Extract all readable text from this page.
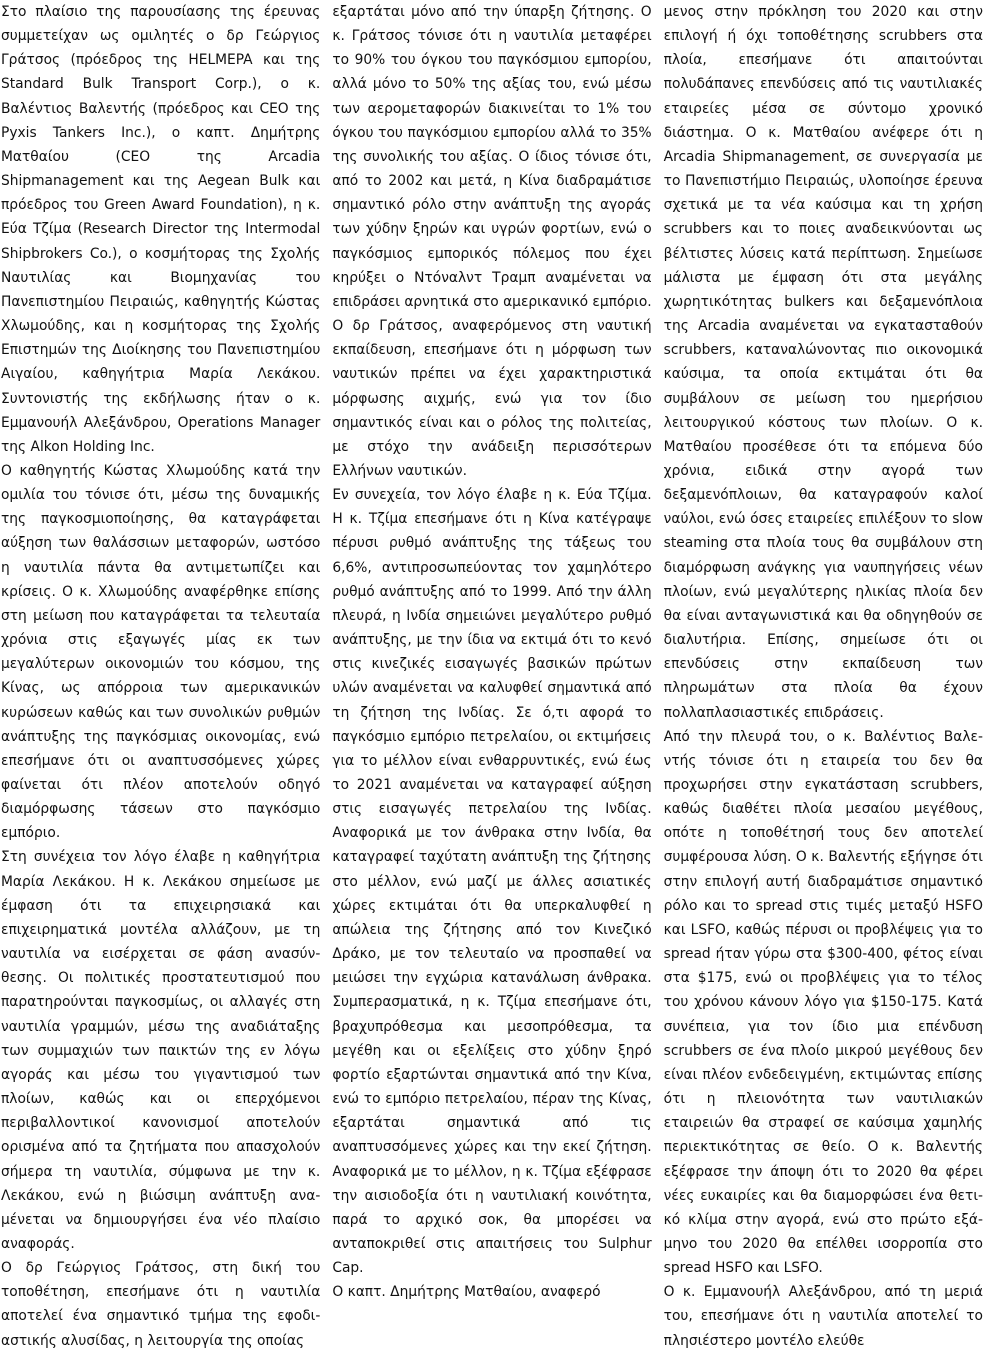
Στο πλαίσιο της παρουσίασης της έρευνας συμμετείχαν ως ομιλητές ο δρ Γεώργιος Γράτσος (πρόεδρος της HELMEPA και της Standard Bulk Transport Corp.), ο κ. Βαλέντιος Βαλεντής (πρόεδρος και CEO της Pyxis Tankers Inc.), ο καπτ. Δημήτρης Ματθαίου (CEO της Arcadia Shipmanagement και της Aegean Bulk και πρόεδρος του Green Award Foundation), η κ. Εύα Τζίμα (Research Director της Intermodal Shipbrokers Co.), ο κοσμήτορας της Σχολής Ναυτιλίας και Βιομηχανίας του Πανεπιστημίου Πειραιώς, καθηγητής Κώστας Χλωμούδης, και η κοσμήτορας της Σχολής Επιστημών της Διοίκησης του Πανεπιστημίου Αιγαίου, καθηγήτρια Μαρία Λεκάκου. Συντονιστής της εκδήλωσης ήταν ο κ. Εμμανουήλ Αλεξάνδρου, Operations Manager της Alkon Holding Inc.

Ο καθηγητής Κώστας Χλωμούδης κατά την ομιλία του τόνισε ότι, μέσω της δυναμικής της παγκοσμιοποίησης, θα καταγράφεται αύξηση των θαλάσσιων μεταφορών, ωστόσο η ναυτιλία πάντα θα αντιμετωπίζει και κρίσεις. Ο κ. Χλωμούδης αναφέρθηκε επίσης στη μείωση που καταγράφεται τα τελευταία χρόνια στις εξαγωγές μίας εκ των μεγαλύτερων οικονομιών του κόσμου, της Κίνας, ως απόρροια των αμερικανικών κυρώσεων καθώς και των συνολικών ρυθμών ανάπτυξης της παγκόσμιας οικονομίας, ενώ επεσήμανε ότι οι αναπτυσσόμενες χώρες φαίνεται ότι πλέον αποτελούν οδηγό διαμόρφωσης τάσεων στο παγκόσμιο εμπόριο.

Στη συνέχεια τον λόγο έλαβε η καθηγήτρια Μαρία Λεκάκου. Η κ. Λεκάκου σημείωσε με έμφαση ότι τα επιχειρησιακά και επιχειρηματικά μοντέλα αλλάζουν, με τη ναυτιλία να εισέρχεται σε φάση ανασύνθεσης. Οι πολιτικές προστατευτισμού που παρατηρούνται παγκοσμίως, οι αλλαγές στη ναυτιλία γραμμών, μέσω της αναδιάταξης των συμμαχιών των παικτών της εν λόγω αγοράς και μέσω του γιγαντισμού των πλοίων, καθώς και οι επερχόμενοι περιβαλλοντικοί κανονισμοί αποτελούν ορισμένα από τα ζητήματα που απασχολούν σήμερα τη ναυτιλία, σύμφωνα με την κ. Λεκάκου, ενώ η βιώσιμη ανάπτυξη αναμένεται να δημιουργήσει ένα νέο πλαίσιο αναφοράς.

Ο δρ Γεώργιος Γράτσος, στη δική του τοποθέτηση, επεσήμανε ότι η ναυτιλία αποτελεί ένα σημαντικό τμήμα της εφοδιαστικής αλυσίδας, η λειτουργία της οποίας

εξαρτάται μόνο από την ύπαρξη ζήτησης. Ο κ. Γράτσος τόνισε ότι η ναυτιλία μεταφέρει το 90% του όγκου του παγκόσμιου εμπορίου, αλλά μόνο το 50% της αξίας του, ενώ μέσω των αερομεταφορών διακινείται το 1% του όγκου του παγκόσμιου εμπορίου αλλά το 35% της συνολικής του αξίας. Ο ίδιος τόνισε ότι, από το 2002 και μετά, η Κίνα διαδραμάτισε σημαντικό ρόλο στην ανάπτυξη της αγοράς των χύδην ξηρών και υγρών φορτίων, ενώ ο παγκόσμιος εμπορικός πόλεμος που έχει κηρύξει ο Ντόναλντ Τραμπ αναμένεται να επιδράσει αρνητικά στο αμερικανικό εμπόριο. Ο δρ Γράτσος, αναφερόμενος στη ναυτική εκπαίδευση, επεσήμανε ότι η μόρφωση των ναυτικών πρέπει να έχει χαρακτηριστικά μόρφωσης αιχμής, ενώ για τον ίδιο σημαντικός είναι και ο ρόλος της πολιτείας, με στόχο την ανάδειξη περισσότερων Ελλήνων ναυτικών.

Εν συνεχεία, τον λόγο έλαβε η κ. Εύα Τζίμα. Η κ. Τζίμα επεσήμανε ότι η Κίνα κατέγραψε πέρυσι ρυθμό ανάπτυξης της τάξεως του 6,6%, αντιπροσωπεύοντας τον χαμηλότερο ρυθμό ανάπτυξης από το 1999. Από την άλλη πλευρά, η Ινδία σημειώνει μεγαλύτερο ρυθμό ανάπτυξης, με την ίδια να εκτιμά ότι το κενό στις κινεζικές εισαγωγές βασικών πρώτων υλών αναμένεται να καλυφθεί σημαντικά από τη ζήτηση της Ινδίας. Σε ό,τι αφορά το παγκόσμιο εμπόριο πετρελαίου, οι εκτιμήσεις για το μέλλον είναι ενθαρρυντικές, ενώ έως το 2021 αναμένεται να καταγραφεί αύξηση στις εισαγωγές πετρελαίου της Ινδίας. Αναφορικά με τον άνθρακα στην Ινδία, θα καταγραφεί ταχύτατη ανάπτυξη της ζήτησης στο μέλλον, ενώ μαζί με άλλες ασιατικές χώρες εκτιμάται ότι θα υπερκαλυφθεί η απώλεια της ζήτησης από τον Κινεζικό Δράκο, με τον τελευταίο να προσπαθεί να μειώσει την εγχώρια κατανάλωση άνθρακα. Συμπερασματικά, η κ. Τζίμα επεσήμανε ότι, βραχυπρόθεσμα και μεσοπρόθεσμα, τα μεγέθη και οι εξελίξεις στο χύδην ξηρό φορτίο εξαρτώνται σημαντικά από την Κίνα, ενώ το εμπόριο πετρελαίου, πέραν της Κίνας, εξαρτάται σημαντικά από τις αναπτυσσόμενες χώρες και την εκεί ζήτηση. Αναφορικά με το μέλλον, η κ. Τζίμα εξέφρασε την αισιοδοξία ότι η ναυτιλιακή κοινότητα, παρά το αρχικό σοκ, θα μπορέσει να ανταποκριθεί στις απαιτήσεις του Sulphur Cap.

Ο καπτ. Δημήτρης Ματθαίου, αναφερό

μενος στην πρόκληση του 2020 και στην επιλογή ή όχι τοποθέτησης scrubbers στα πλοία, επεσήμανε ότι απαιτούνται πολυδάπανες επενδύσεις από τις ναυτιλιακές εταιρείες μέσα σε σύντομο χρονικό διάστημα. Ο κ. Ματθαίου ανέφερε ότι η Arcadia Shipmanagement, σε συνεργασία με το Πανεπιστήμιο Πειραιώς, υλοποίησε έρευνα σχετικά με τα νέα καύσιμα και τη χρήση scrubbers και το ποιες αναδεικνύονται ως βέλτιστες λύσεις κατά περίπτωση. Σημείωσε μάλιστα με έμφαση ότι στα μεγάλης χωρητικότητας bulkers και δεξαμενόπλοια της Arcadia αναμένεται να εγκατασταθούν scrubbers, καταναλώνοντας πιο οικονομικά καύσιμα, τα οποία εκτιμάται ότι θα συμβάλουν σε μείωση του ημερήσιου λειτουργικού κόστους των πλοίων. Ο κ. Ματθαίου προσέθεσε ότι τα επόμενα δύο χρόνια, ειδικά στην αγορά των δεξαμενόπλοιων, θα καταγραφούν καλοί ναύλοι, ενώ όσες εταιρείες επιλέξουν το slow steaming στα πλοία τους θα συμβάλουν στη διαμόρφωση ανάγκης για ναυπηγήσεις νέων πλοίων, ενώ μεγαλύτερης ηλικίας πλοία δεν θα είναι ανταγωνιστικά και θα οδηγηθούν σε διαλυτήρια. Επίσης, σημείωσε ότι οι επενδύσεις στην εκπαίδευση των πληρωμάτων στα πλοία θα έχουν πολλαπλασιαστικές επιδράσεις.

Από την πλευρά του, ο κ. Βαλέντιος Βαλεντής τόνισε ότι η εταιρεία του δεν θα προχωρήσει στην εγκατάσταση scrubbers, καθώς διαθέτει πλοία μεσαίου μεγέθους, οπότε η τοποθέτησή τους δεν αποτελεί συμφέρουσα λύση. Ο κ. Βαλεντής εξήγησε ότι στην επιλογή αυτή διαδραμάτισε σημαντικό ρόλο και το spread στις τιμές μεταξύ HSFO και LSFO, καθώς πέρυσι οι προβλέψεις για το spread ήταν γύρω στα $300-400, φέτος είναι στα $175, ενώ οι προβλέψεις για το τέλος του χρόνου κάνουν λόγο για $150-175. Κατά συνέπεια, για τον ίδιο μια επένδυση scrubbers σε ένα πλοίο μικρού μεγέθους δεν είναι πλέον ενδεδειγμένη, εκτιμώντας επίσης ότι η πλειονότητα των ναυτιλιακών εταιρειών θα στραφεί σε καύσιμα χαμηλής περιεκτικότητας σε θείο. Ο κ. Βαλεντής εξέφρασε την άποψη ότι το 2020 θα φέρει νέες ευκαιρίες και θα διαμορφώσει ένα θετικό κλίμα στην αγορά, ενώ στο πρώτο εξάμηνο του 2020 θα επέλθει ισορροπία στο spread HSFO και LSFO.

Ο κ. Εμμανουήλ Αλεξάνδρου, από τη μεριά του, επεσήμανε ότι η ναυτιλία αποτελεί το πλησιέστερο μοντέλο ελεύθε
